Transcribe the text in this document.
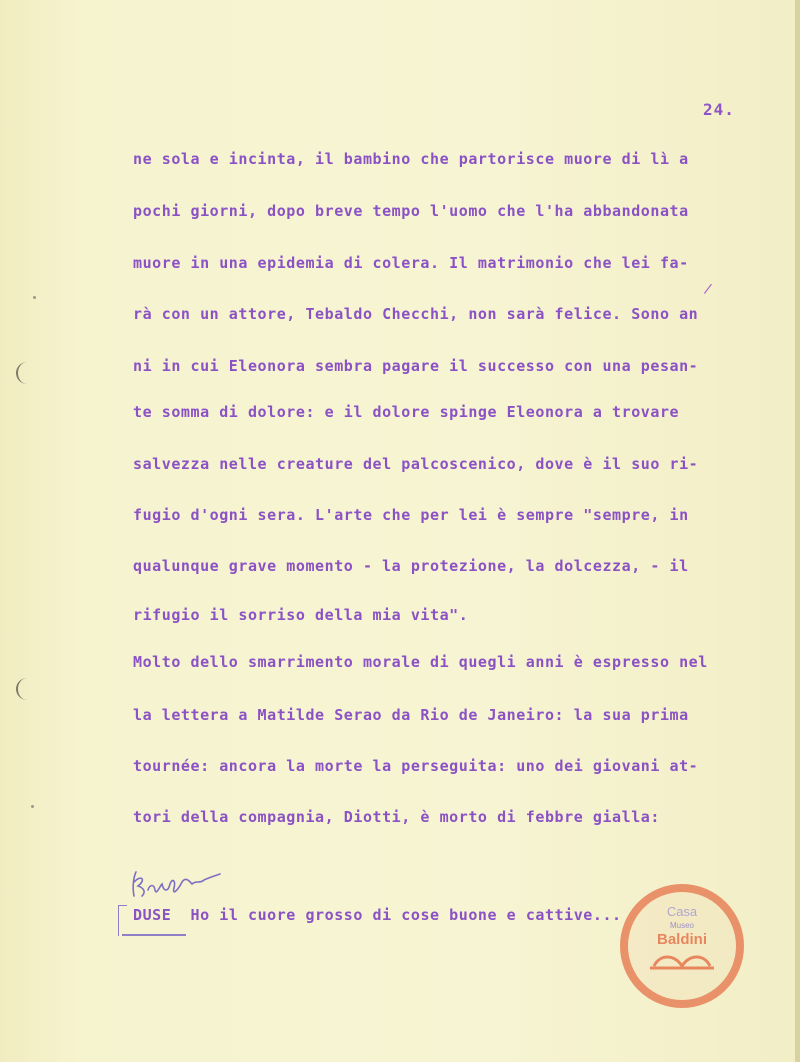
24.
ne sola e incinta, il bambino che partorisce muore di lì a
pochi giorni, dopo breve tempo l'uomo che l'ha abbandonata
muore in una epidemia di colera. Il matrimonio che lei fa-
rà con un attore, Tebaldo Checchi, non sarà felice. Sono an
ni in cui Eleonora sembra pagare il successo con una pesan-
te somma di dolore: e il dolore spinge Eleonora a trovare
salvezza nelle creature del palcoscenico, dove è il suo ri-
fugio d'ogni sera. L'arte che per lei è sempre "sempre, in
qualunque grave momento - la protezione, la dolcezza, - il
rifugio il sorriso della mia vita".
Molto dello smarrimento morale di quegli anni è espresso nel
la lettera a Matilde Serao da Rio de Janeiro: la sua prima
tournée: ancora la morte la perseguita: uno dei giovani at-
tori della compagnia, Diotti, è morto di febbre gialla:
/
DUSE Ho il cuore grosso di cose buone e cattive...	Casa
Museo
Baldini
